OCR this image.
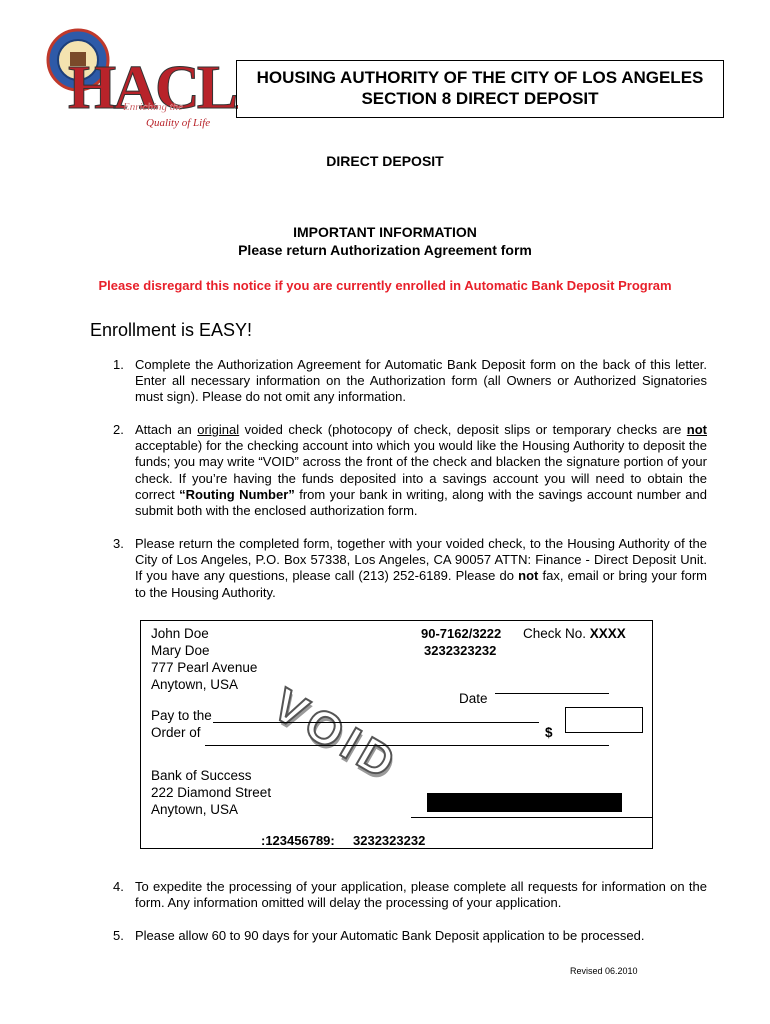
HACL
Enriching the
Quality of Life
HOUSING AUTHORITY OF THE CITY OF LOS ANGELES
SECTION 8 DIRECT DEPOSIT
DIRECT DEPOSIT
IMPORTANT INFORMATION
Please return Authorization Agreement form
Please disregard this notice if you are currently enrolled in Automatic Bank Deposit Program
Enrollment is EASY!
1. Complete the Authorization Agreement for Automatic Bank Deposit form on the back of this letter. Enter all necessary information on the Authorization form (all Owners or Authorized Signatories must sign). Please do not omit any information.
2. Attach an original voided check (photocopy of check, deposit slips or temporary checks are not acceptable) for the checking account into which you would like the Housing Authority to deposit the funds; you may write “VOID” across the front of the check and blacken the signature portion of your check. If you’re having the funds deposited into a savings account you will need to obtain the correct “Routing Number” from your bank in writing, along with the savings account number and submit both with the enclosed authorization form.
3. Please return the completed form, together with your voided check, to the Housing Authority of the City of Los Angeles, P.O. Box 57338, Los Angeles, CA 90057 ATTN: Finance - Direct Deposit Unit. If you have any questions, please call (213) 252-6189. Please do not fax, email or bring your form to the Housing Authority.
John Doe
Mary Doe
777 Pearl Avenue
Anytown, USA
90-7162/3222
3232323232
Check No. XXXX
VOID	Date
Pay to the
Order of	$
Bank of Success
222 Diamond Street
Anytown, USA
:123456789: 3232323232
4. To expedite the processing of your application, please complete all requests for information on the form. Any information omitted will delay the processing of your application.
5. Please allow 60 to 90 days for your Automatic Bank Deposit application to be processed.
Revised 06.2010
